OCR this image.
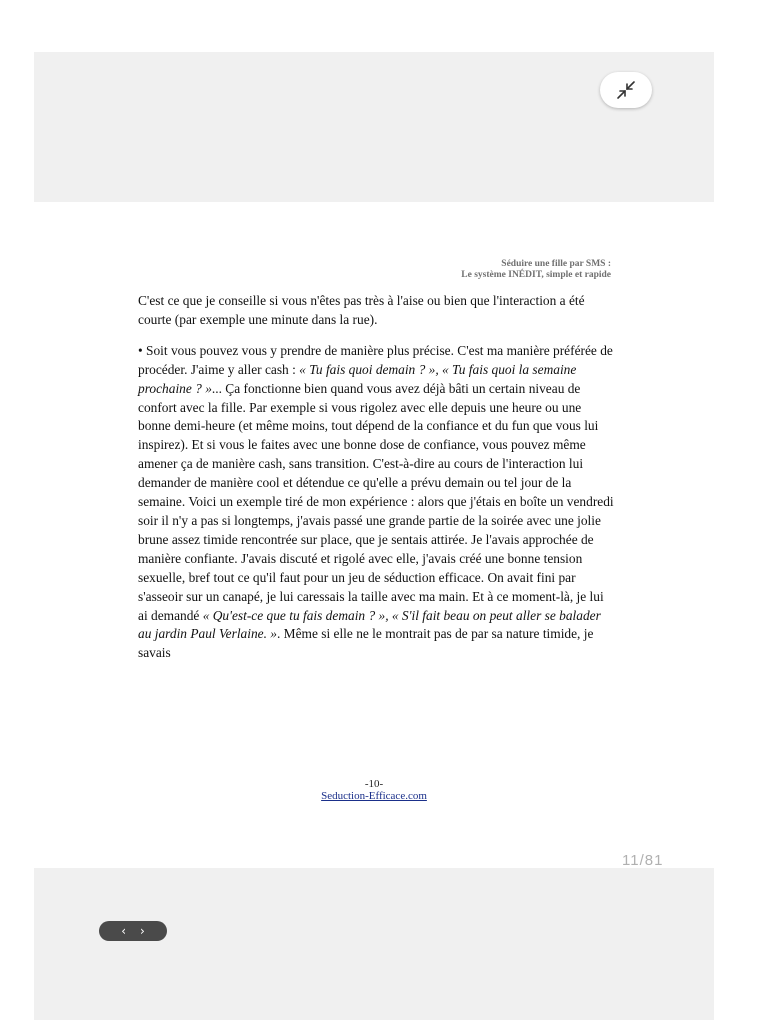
Séduire une fille par SMS :
Le système INÉDIT, simple et rapide

C'est ce que je conseille si vous n'êtes pas très à l'aise ou bien que l'interaction a été courte (par exemple une minute dans la rue).

• Soit vous pouvez vous y prendre de manière plus précise. C'est ma manière préférée de procéder. J'aime y aller cash : « Tu fais quoi demain ? », « Tu fais quoi la semaine prochaine ? »... Ça fonctionne bien quand vous avez déjà bâti un certain niveau de confort avec la fille. Par exemple si vous rigolez avec elle depuis une heure ou une bonne demi-heure (et même moins, tout dépend de la confiance et du fun que vous lui inspirez). Et si vous le faites avec une bonne dose de confiance, vous pouvez même amener ça de manière cash, sans transition. C'est-à-dire au cours de l'interaction lui demander de manière cool et détendue ce qu'elle a prévu demain ou tel jour de la semaine. Voici un exemple tiré de mon expérience : alors que j'étais en boîte un vendredi soir il n'y a pas si longtemps, j'avais passé une grande partie de la soirée avec une jolie brune assez timide rencontrée sur place, que je sentais attirée. Je l'avais approchée de manière confiante. J'avais discuté et rigolé avec elle, j'avais créé une bonne tension sexuelle, bref tout ce qu'il faut pour un jeu de séduction efficace. On avait fini par s'asseoir sur un canapé, je lui caressais la taille avec ma main. Et à ce moment-là, je lui ai demandé « Qu'est-ce que tu fais demain ? », « S'il fait beau on peut aller se balader au jardin Paul Verlaine. ». Même si elle ne le montrait pas de par sa nature timide, je savais

-10-
Seduction-Efficace.com
11/81
‹ ›
